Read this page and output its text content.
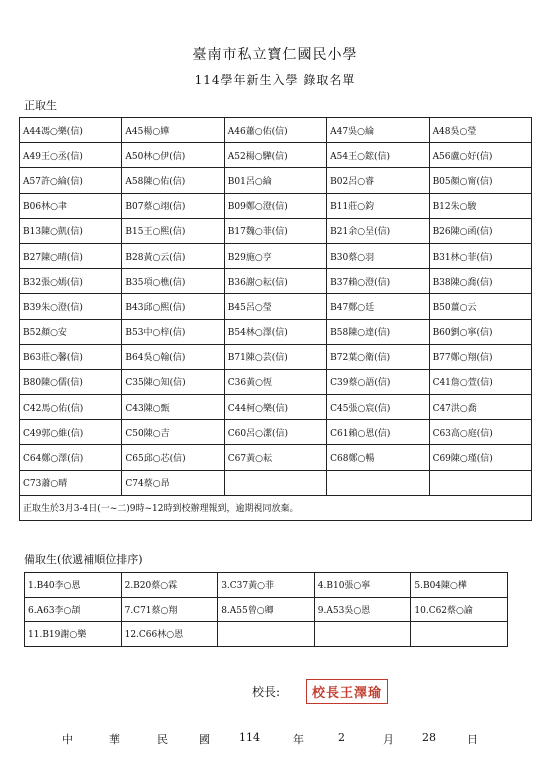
臺南市私立寶仁國民小學
114學年新生入學 錄取名單
正取生
A44馮○樂(信)	A45楊○嬅	A46蕭○佑(信)	A47吳○綸	A48吳○瑩
A49王○丞(信)	A50林○伊(信)	A52楊○驊(信)	A54王○鋐(信)	A56盧○好(信)
A57許○綸(信)	A58陳○佑(信)	B01呂○綸	B02呂○睿	B05顏○甯(信)
B06林○聿	B07蔡○翊(信)	B09鄭○澄(信)	B11莊○鈞	B12朱○駿
B13陳○凱(信)	B15王○熙(信)	B17魏○菲(信)	B21余○呈(信)	B26陳○函(信)
B27陳○晴(信)	B28黃○云(信)	B29施○亨	B30蔡○羽	B31林○菲(信)
B32張○嫣(信)	B35項○樵(信)	B36謝○耘(信)	B37賴○澄(信)	B38陳○喬(信)
B39朱○澄(信)	B43邱○熙(信)	B45呂○瑩	B47鄭○廷	B50薑○云
B52顏○安	B53中○梓(信)	B54林○澤(信)	B58陳○達(信)	B60劉○寧(信)
B63莊○馨(信)	B64吳○翰(信)	B71陳○芸(信)	B72葉○衛(信)	B77鄭○翔(信)
B80陳○儒(信)	C35陳○知(信)	C36黃○恆	C39蔡○語(信)	C41詹○萱(信)
C42馬○佑(信)	C43陳○甄	C44柯○樂(信)	C45張○宸(信)	C47洪○喬
C49郭○維(信)	C50陳○吉	C60呂○潔(信)	C61賴○恩(信)	C63高○庭(信)
C64鄭○澤(信)	C65邱○芯(信)	C67黃○耘	C68鄭○暢	C69陳○瑾(信)
C73蕭○晴	C74蔡○昂			
正取生於3月3-4日(一~二)9時~12時到校辦理報到，逾期視同放棄。				
備取生(依遞補順位排序)
1.B40李○恩	2.B20蔡○霖	3.C37黃○菲	4.B10張○寧	5.B04陳○樺
6.A63李○頡	7.C71蔡○翔	8.A55曾○卿	9.A53吳○恩	10.C62蔡○諭
11.B19謝○樂	12.C66林○恩			
校長:	校長王澤瑜
中	華	民	國	114	年	2	月	28	日
